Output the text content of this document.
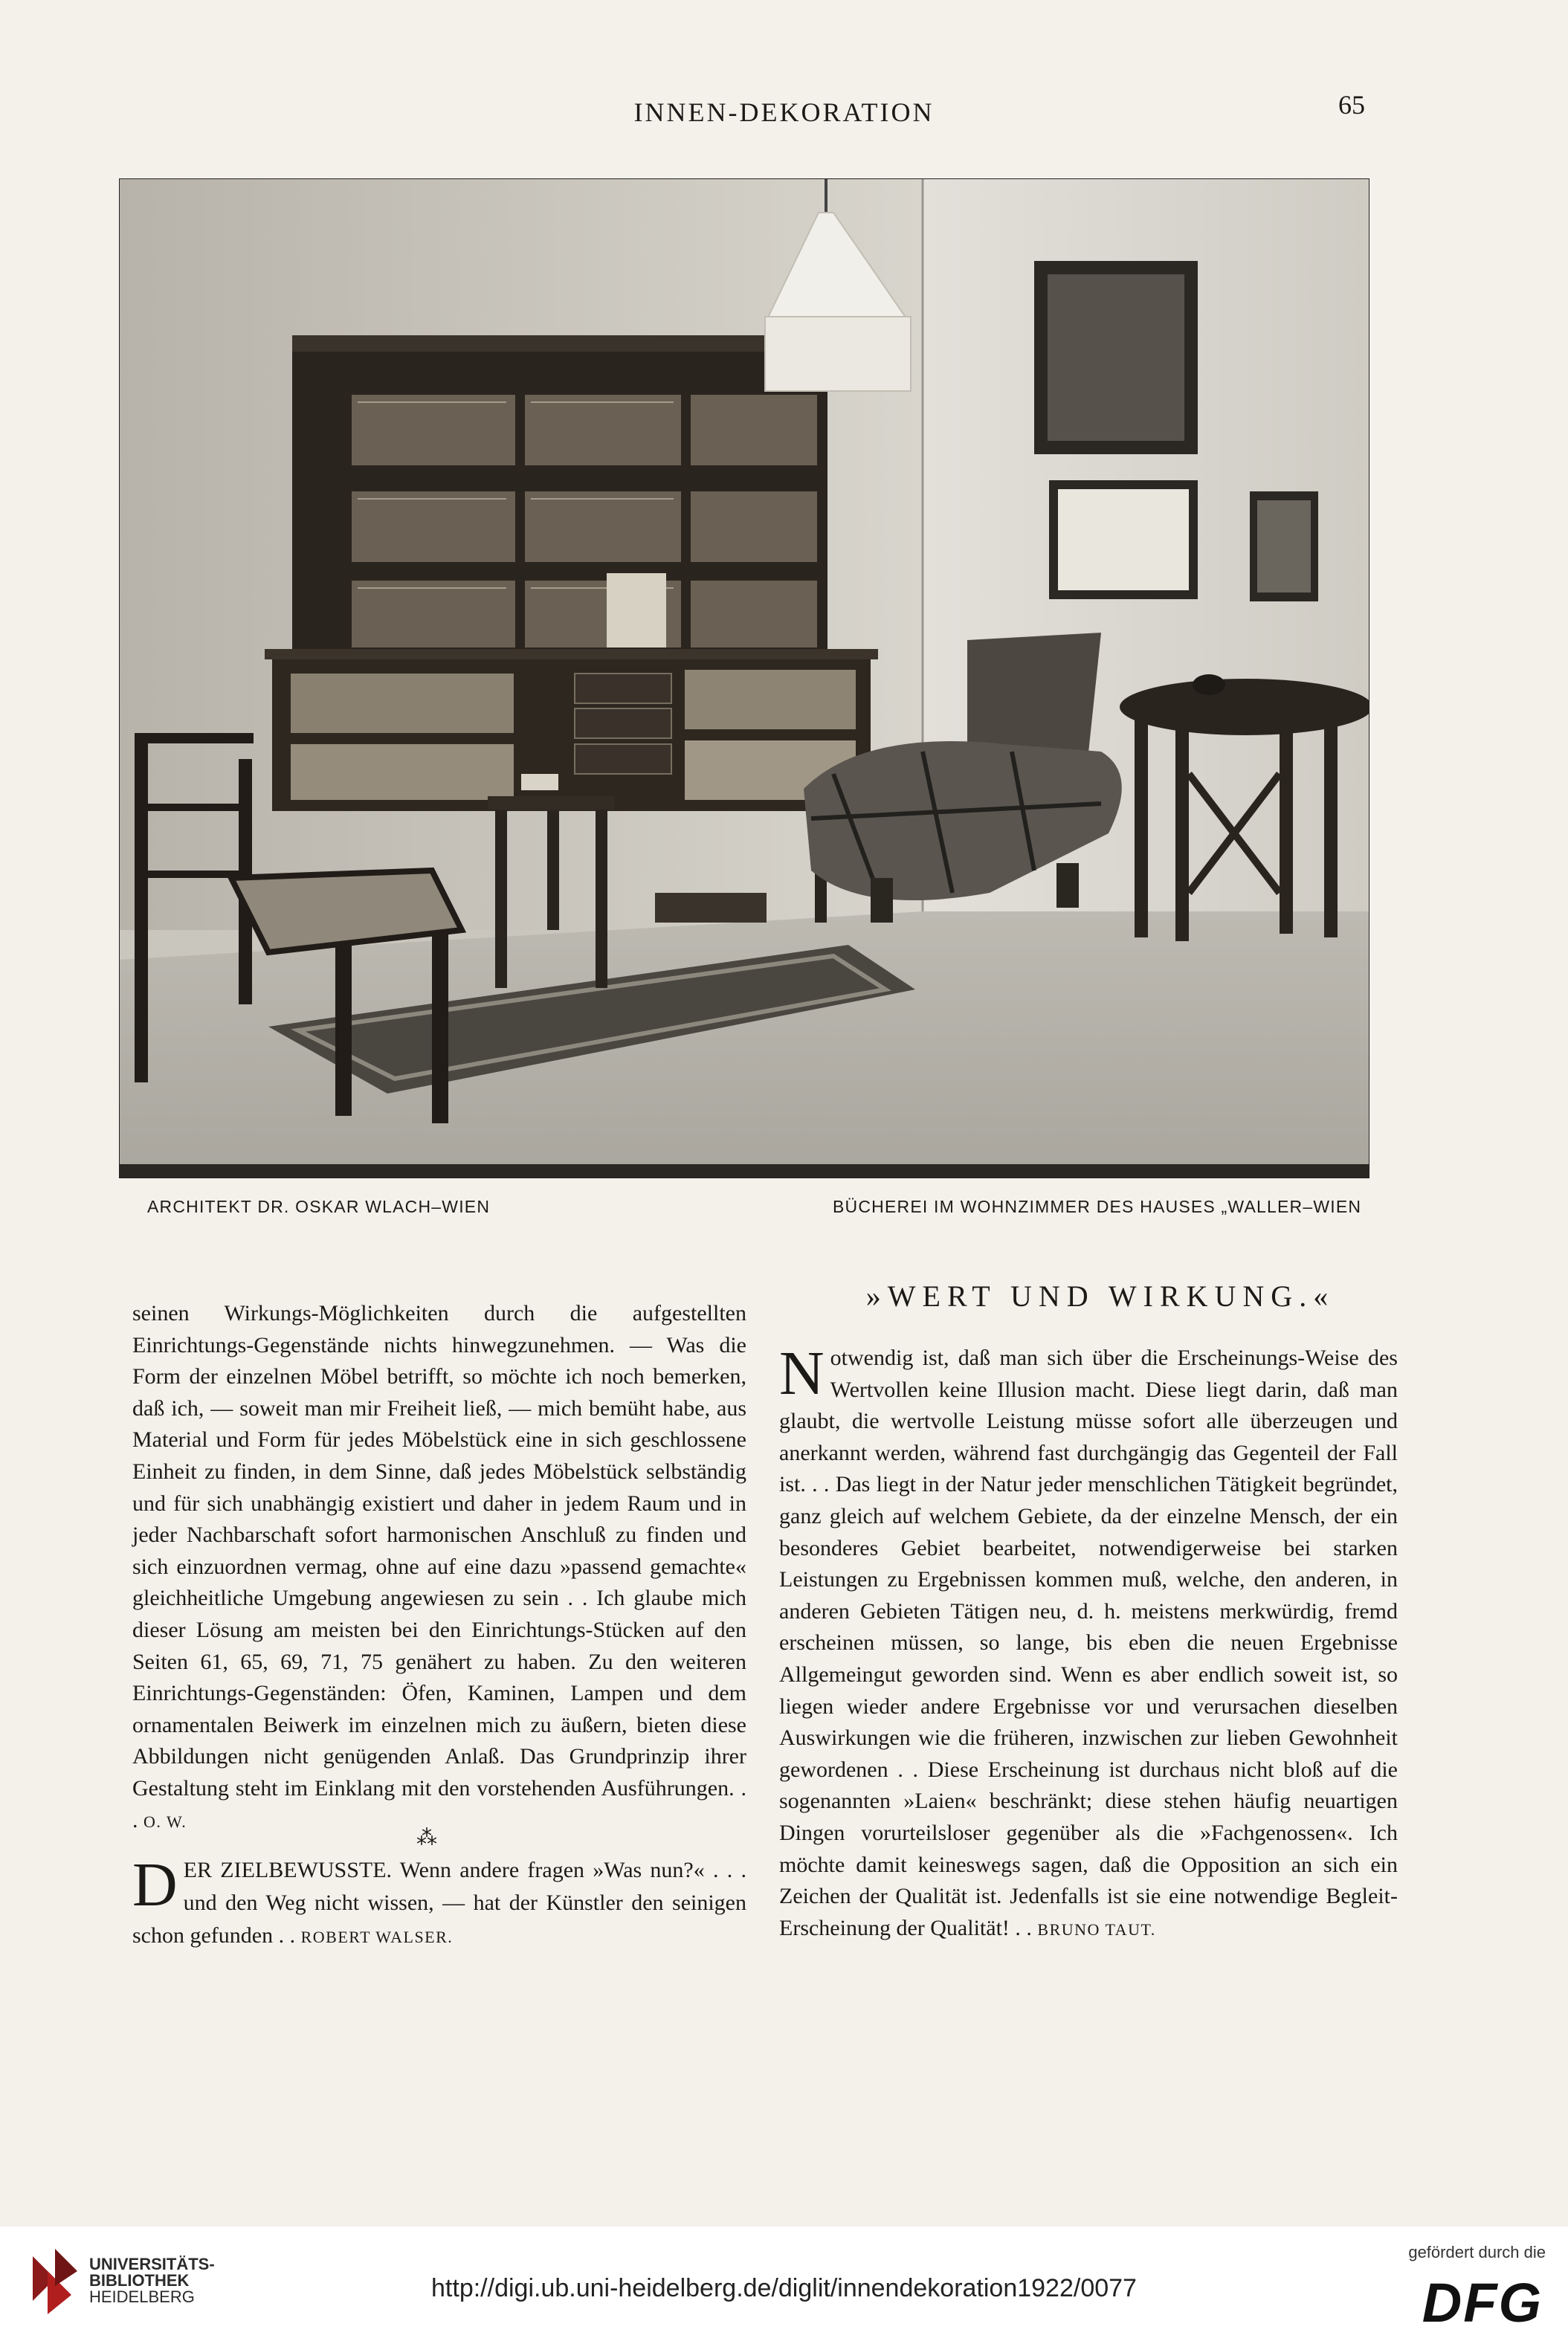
INNEN-DEKORATION	65
ARCHITEKT DR. OSKAR WLACH–WIEN	BÜCHEREI IM WOHNZIMMER DES HAUSES „WALLER–WIEN

seinen Wirkungs-Möglichkeiten durch die aufgestellten Einrichtungs-Gegenstände nichts hinwegzunehmen. — Was die Form der einzelnen Möbel betrifft, so möchte ich noch bemerken, daß ich, — soweit man mir Freiheit ließ, — mich bemüht habe, aus Material und Form für jedes Möbelstück eine in sich geschlossene Einheit zu finden, in dem Sinne, daß jedes Möbelstück selbständig und für sich unabhängig existiert und daher in jedem Raum und in jeder Nachbarschaft sofort harmonischen Anschluß zu finden und sich einzuordnen vermag, ohne auf eine dazu »passend gemachte« gleichheitliche Umgebung angewiesen zu sein . . Ich glaube mich dieser Lösung am meisten bei den Einrichtungs-Stücken auf den Seiten 61, 65, 69, 71, 75 genähert zu haben. Zu den weiteren Einrichtungs-Gegenständen: Öfen, Kaminen, Lampen und dem ornamentalen Beiwerk im einzelnen mich zu äußern, bieten diese Abbildungen nicht genügenden Anlaß. Das Grundprinzip ihrer Gestaltung steht im Einklang mit den vorstehenden Ausführungen. . . O. W.

⁂

D ER ZIELBEWUSSTE. Wenn andere fragen »Was nun?« . . . und den Weg nicht wissen, — hat der Künstler den seinigen schon gefunden . . ROBERT WALSER.

»WERT UND WIRKUNG.«

N otwendig ist, daß man sich über die Erscheinungs-Weise des Wertvollen keine Illusion macht. Diese liegt darin, daß man glaubt, die wertvolle Leistung müsse sofort alle überzeugen und anerkannt werden, während fast durchgängig das Gegenteil der Fall ist. . . Das liegt in der Natur jeder menschlichen Tätigkeit begründet, ganz gleich auf welchem Gebiete, da der einzelne Mensch, der ein besonderes Gebiet bearbeitet, notwendigerweise bei starken Leistungen zu Ergebnissen kommen muß, welche, den anderen, in anderen Gebieten Tätigen neu, d. h. meistens merkwürdig, fremd erscheinen müssen, so lange, bis eben die neuen Ergebnisse Allgemeingut geworden sind. Wenn es aber endlich soweit ist, so liegen wieder andere Ergebnisse vor und verursachen dieselben Auswirkungen wie die früheren, inzwischen zur lieben Gewohnheit gewordenen . . Diese Erscheinung ist durchaus nicht bloß auf die sogenannten »Laien« beschränkt; diese stehen häufig neuartigen Dingen vorurteilsloser gegenüber als die »Fachgenossen«. Ich möchte damit keineswegs sagen, daß die Opposition an sich ein Zeichen der Qualität ist. Jedenfalls ist sie eine notwendige Begleit-Erscheinung der Qualität! . . BRUNO TAUT.

UNIVERSITÄTS-
BIBLIOTHEK
HEIDELBERG	http://digi.ub.uni-heidelberg.de/diglit/innendekoration1922/0077
gefördert durch die
DFG
